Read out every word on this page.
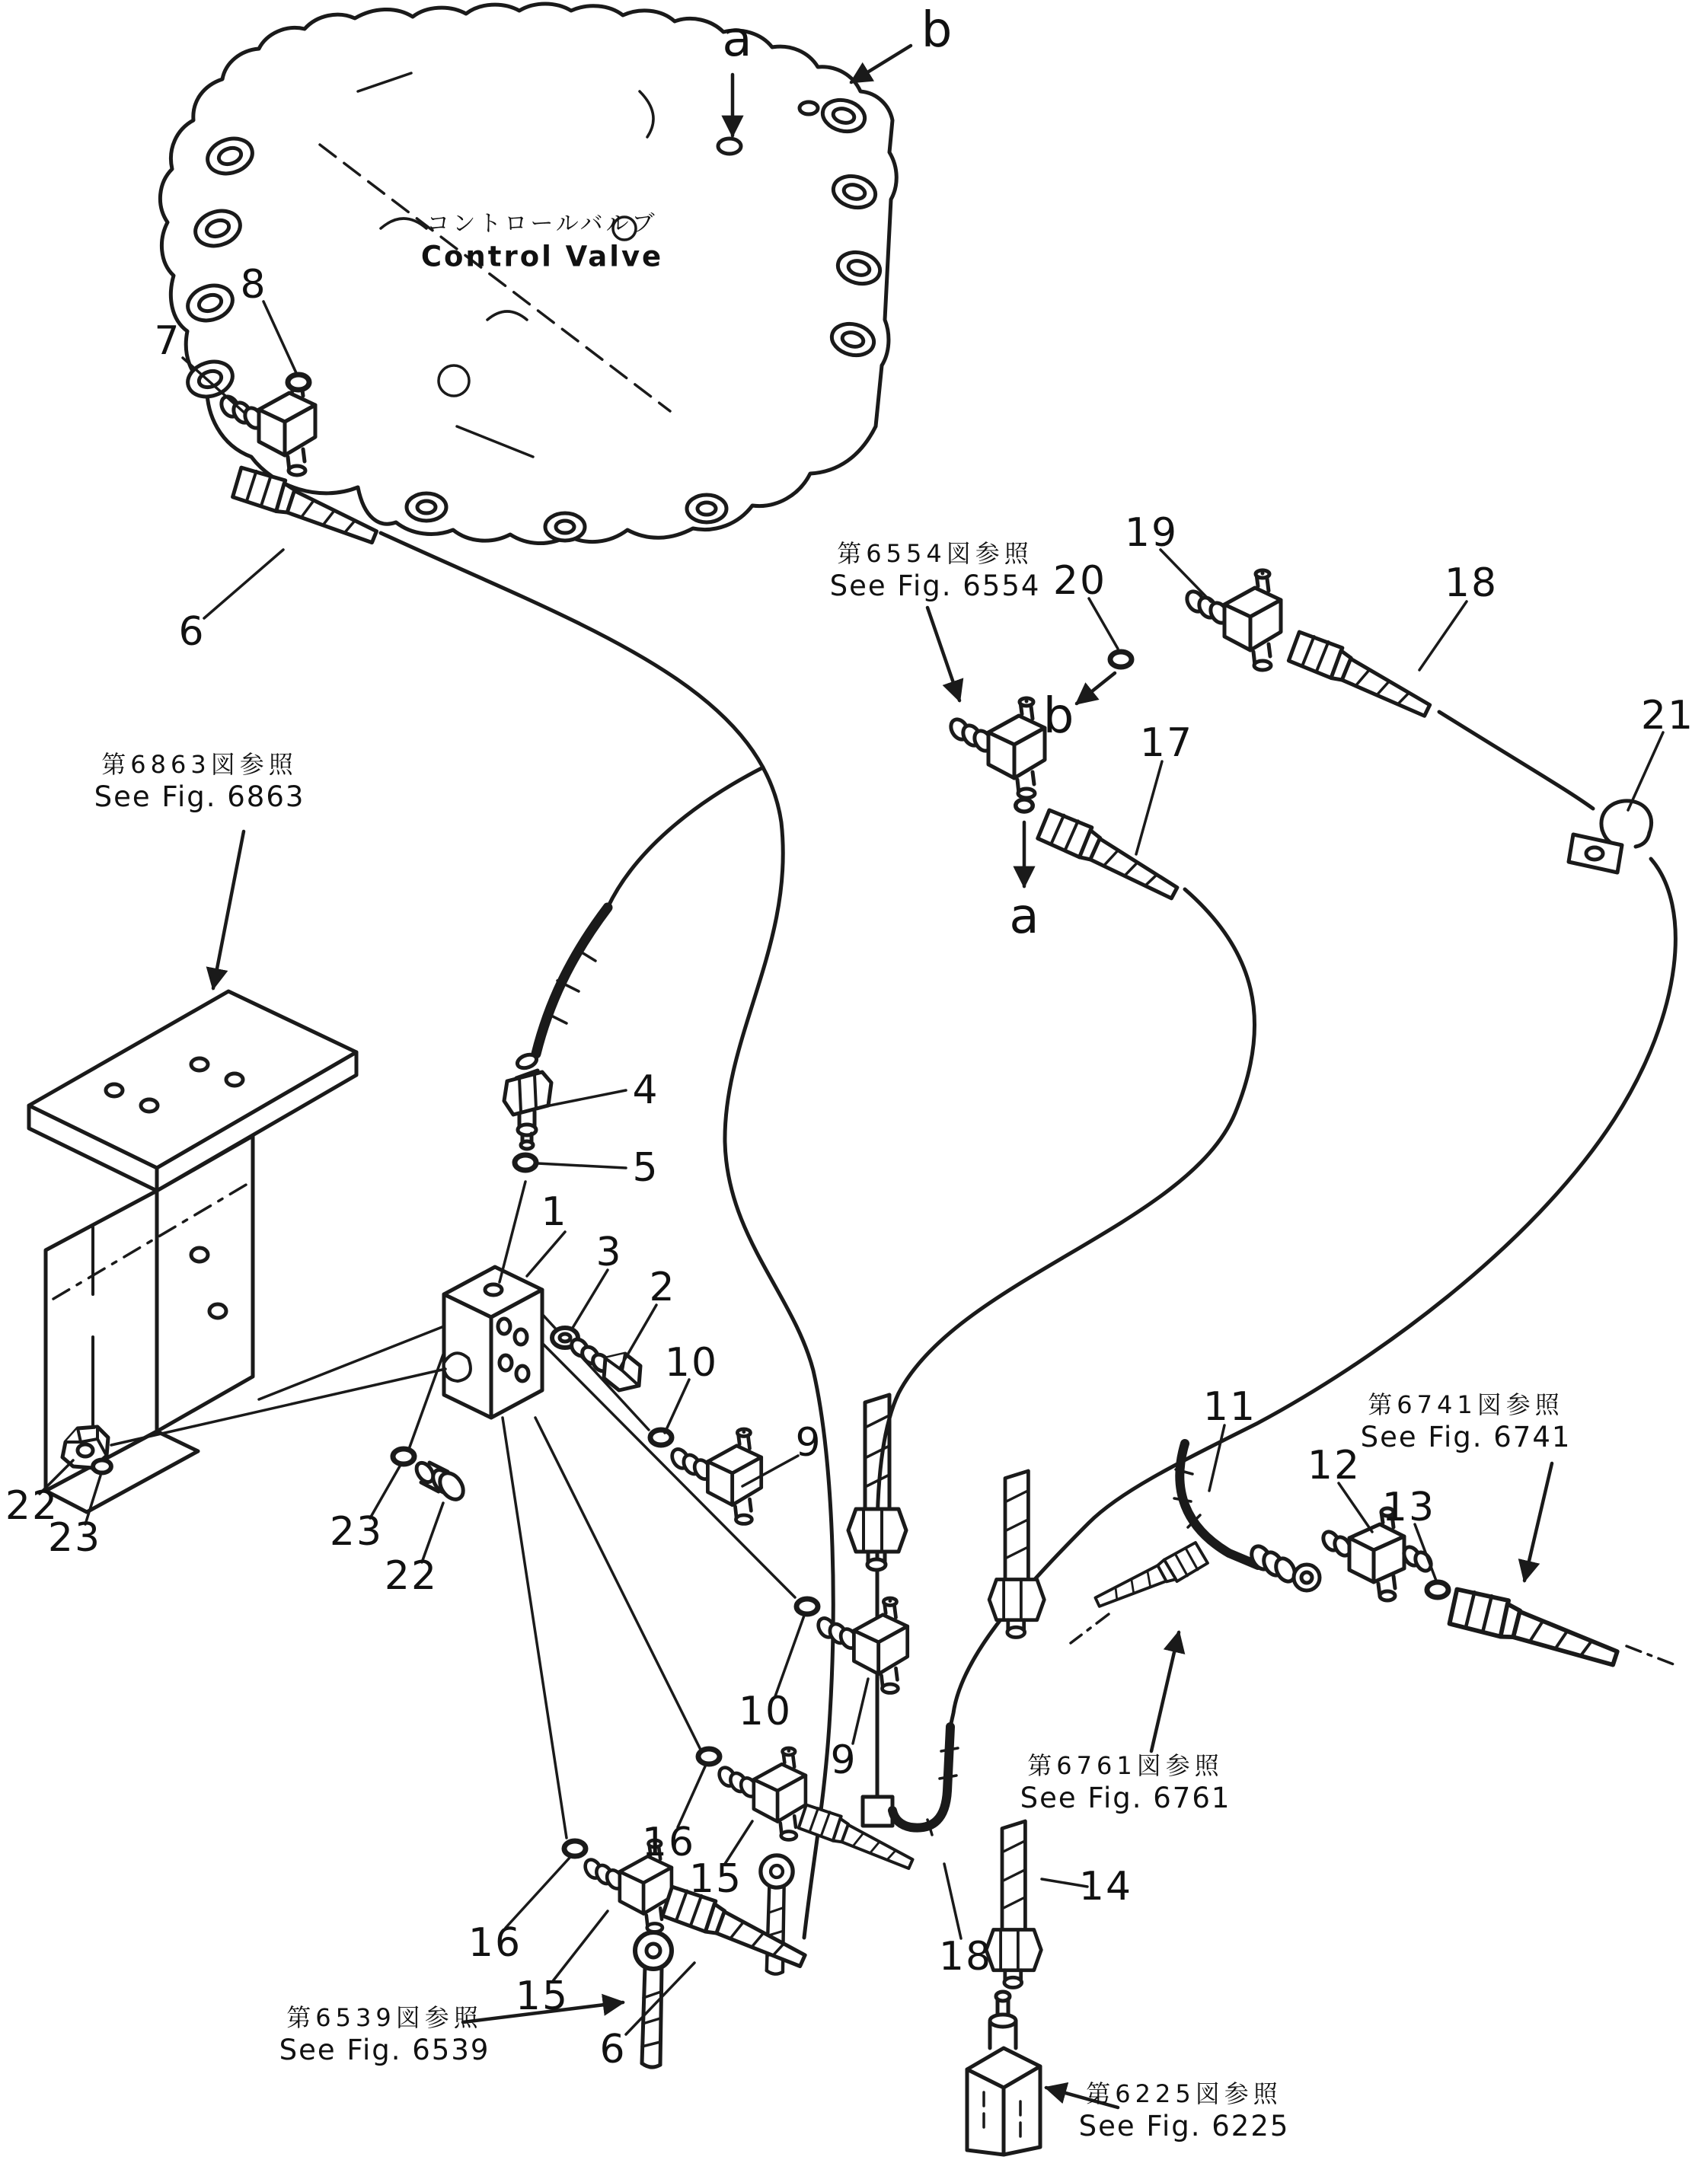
コントロールバルブ
Control Valve
a	b
b
a
1
2
3
4
5
6
6
7
8
9
9
10
10
11
12
13
14
15
15
16
16
17
18
18
19
20
21
22
22
23	23
第6554図参照
See Fig. 6554
第6863図参照
See Fig. 6863
第6741図参照
See Fig. 6741
第6761図参照
See Fig. 6761
第6539図参照
See Fig. 6539
第6225図参照
See Fig. 6225
